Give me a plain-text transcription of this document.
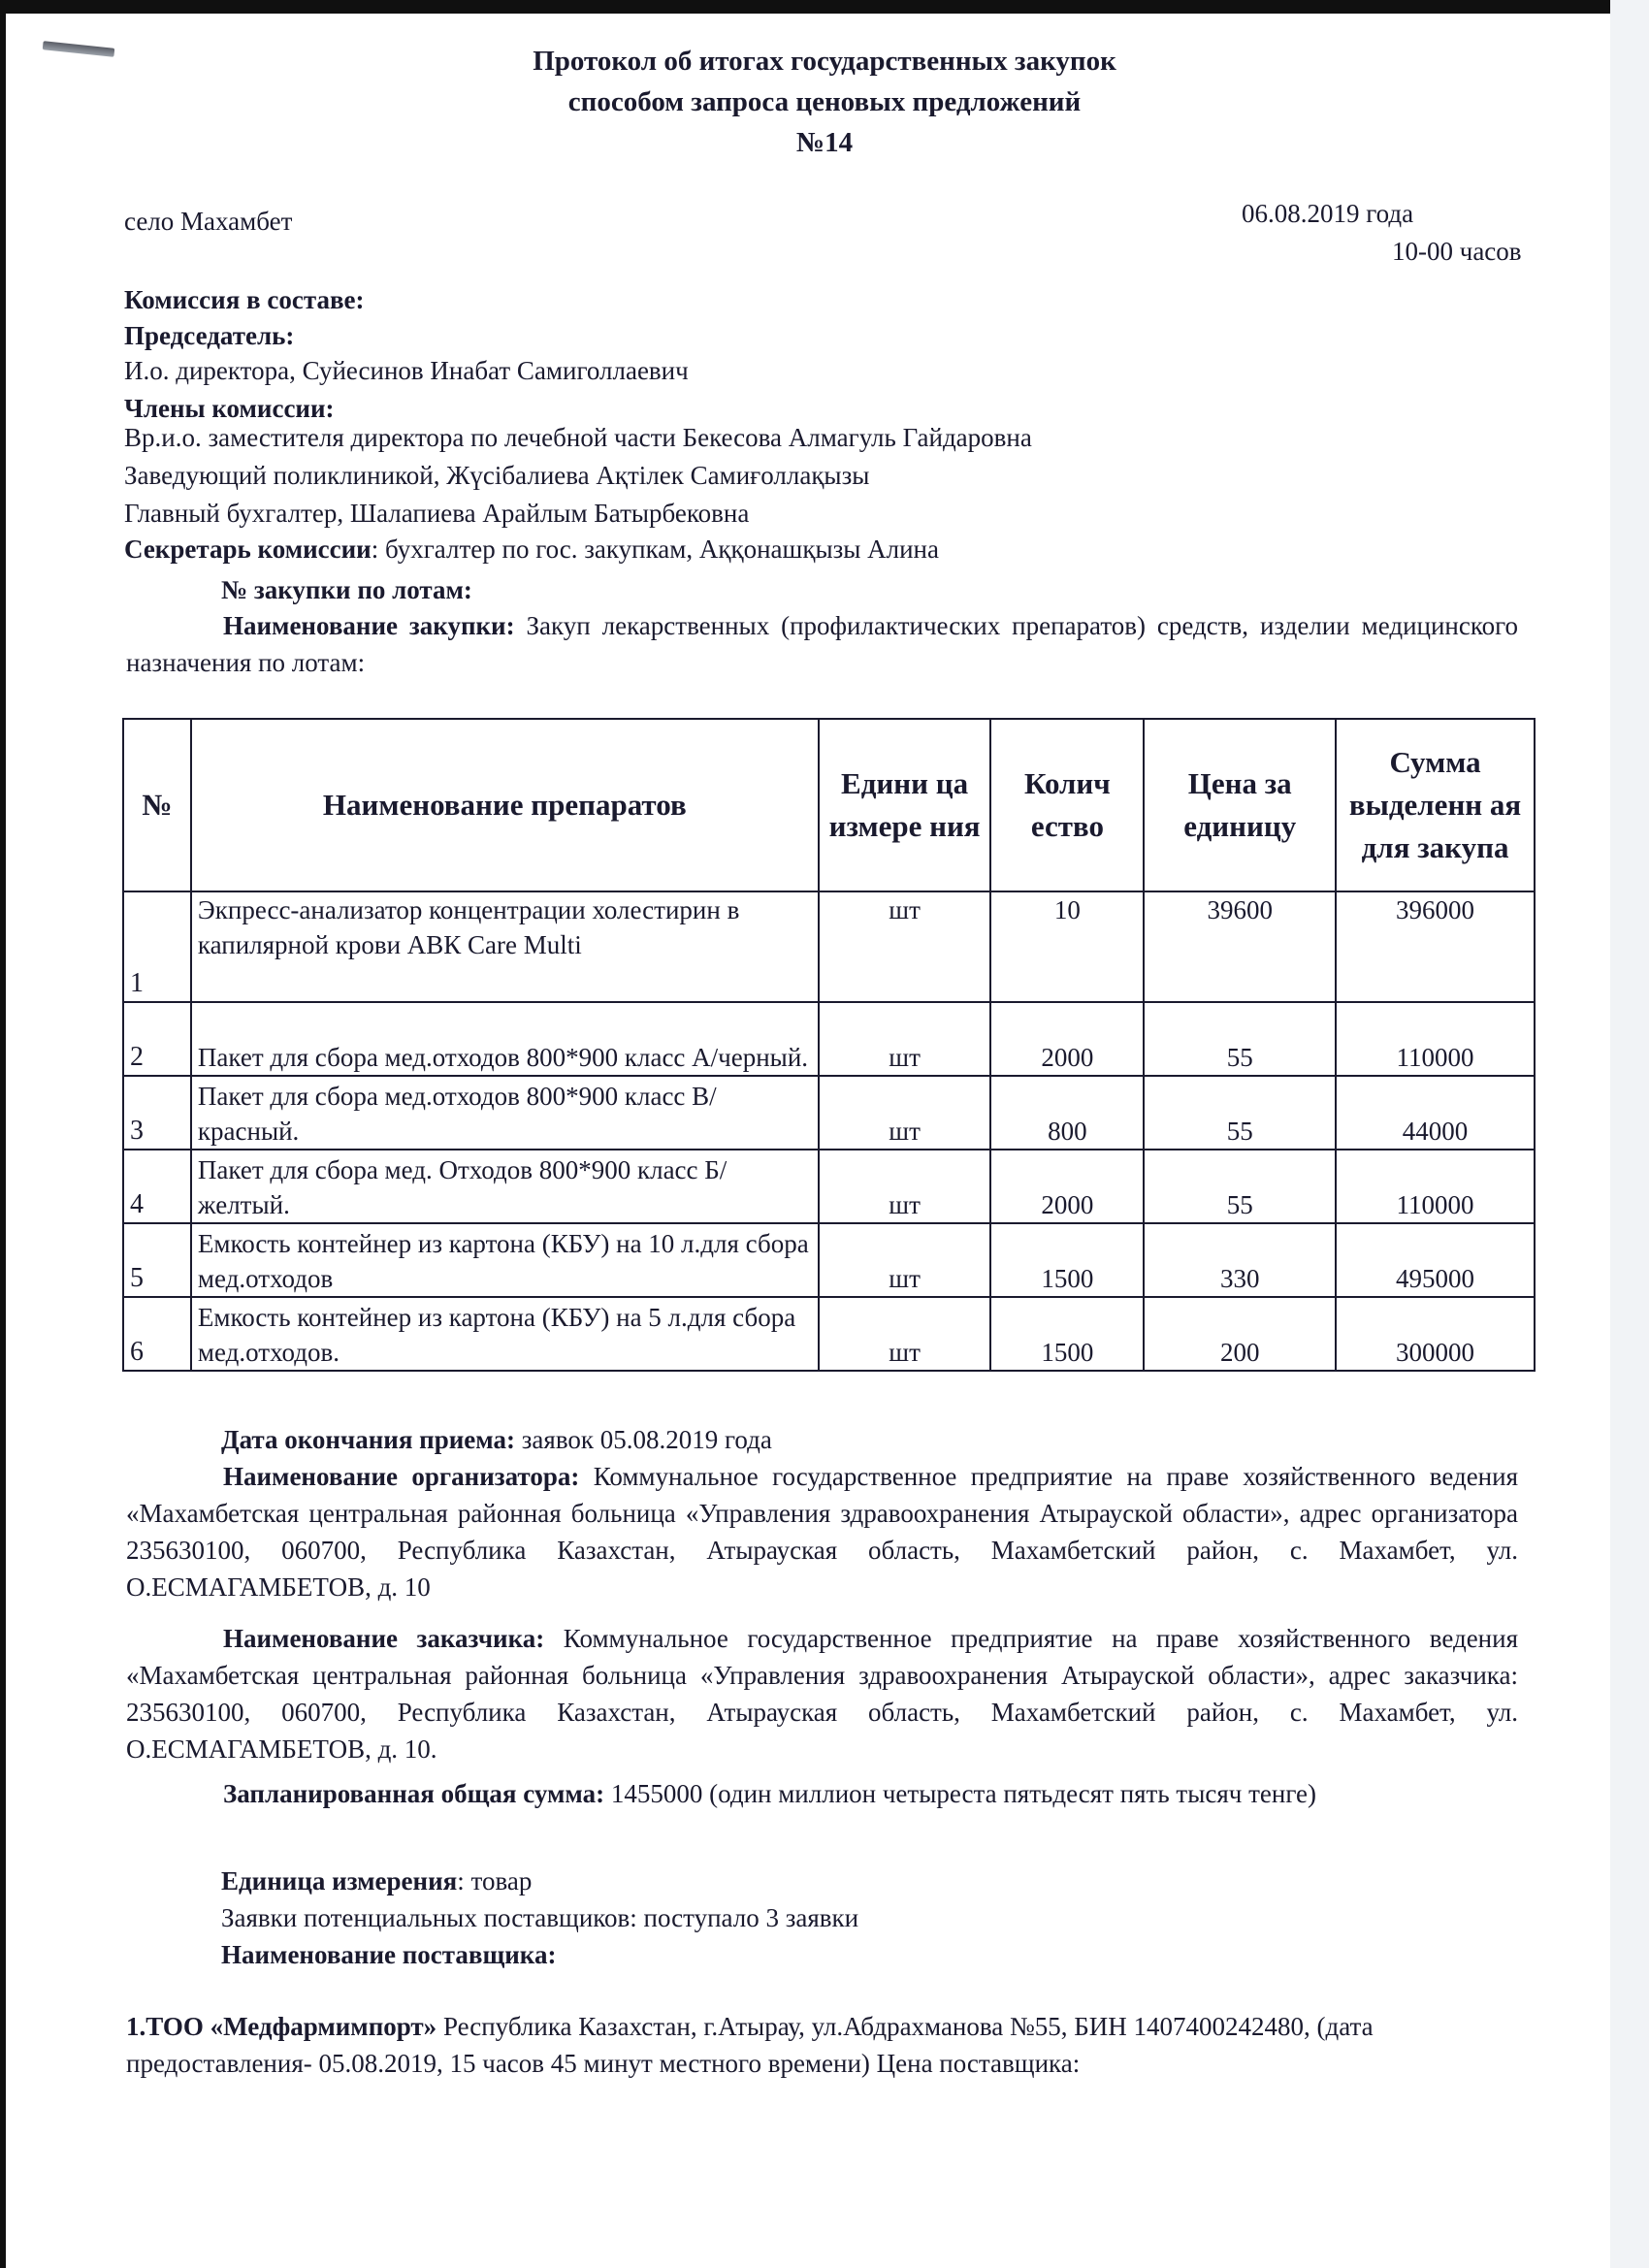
Протокол об итогах государственных закупок
способом запроса ценовых предложений
№14
село Махамбет	06.08.2019 года
10-00 часов
Комиссия в составе:
Председатель:
И.о. директора, Суйесинов Инабат Самиголлаевич
Члены комиссии:
Вр.и.о. заместителя директора по лечебной части Бекесова Алмагуль Гайдаровна
Заведующий поликлиникой, Жүсібалиева Ақтілек Самиғоллақызы
Главный бухгалтер, Шалапиева Арайлым Батырбековна
Секретарь комиссии: бухгалтер по гос. закупкам, Аққонашқызы Алина
№ закупки по лотам:
Наименование закупки: Закуп лекарственных (профилактических препаратов) средств, изделии медицинского назначения по лотам:
№	Наименование препаратов	Едини ца измере ния	Колич ество	Цена за единицу	Сумма выделенн ая для закупа
1	Экпресс-анализатор концентрации холестирин в капилярной крови АВК Care Multi	шт	10	39600	396000
2	Пакет для сбора мед.отходов 800*900 класс А/черный.	шт	2000	55	110000
3	Пакет для сбора мед.отходов 800*900 класс В/красный.	шт	800	55	44000
4	Пакет для сбора мед. Отходов 800*900 класс Б/ желтый.	шт	2000	55	110000
5	Емкость контейнер из картона (КБУ) на 10 л.для сбора мед.отходов	шт	1500	330	495000
6	Емкость контейнер из картона (КБУ) на 5 л.для сбора мед.отходов.	шт	1500	200	300000
Дата окончания приема: заявок 05.08.2019 года
Наименование организатора: Коммунальное государственное предприятие на праве хозяйственного ведения «Махамбетская центральная районная больница «Управления здравоохранения Атырауской области», адрес организатора 235630100, 060700, Республика Казахстан, Атырауская область, Махамбетский район, с. Махамбет, ул. О.ЕСМАГАМБЕТОВ, д. 10
Наименование заказчика: Коммунальное государственное предприятие на праве хозяйственного ведения «Махамбетская центральная районная больница «Управления здравоохранения Атырауской области», адрес заказчика: 235630100, 060700, Республика Казахстан, Атырауская область, Махамбетский район, с. Махамбет, ул. О.ЕСМАГАМБЕТОВ, д. 10.
Запланированная общая сумма: 1455000 (один миллион четыреста пятьдесят пять тысяч тенге)
Единица измерения: товар
Заявки потенциальных поставщиков: поступало 3 заявки
Наименование поставщика:
1.ТОО «Медфармимпорт» Республика Казахстан, г.Атырау, ул.Абдрахманова №55, БИН 1407400242480, (дата предоставления- 05.08.2019, 15 часов 45 минут местного времени) Цена поставщика:
